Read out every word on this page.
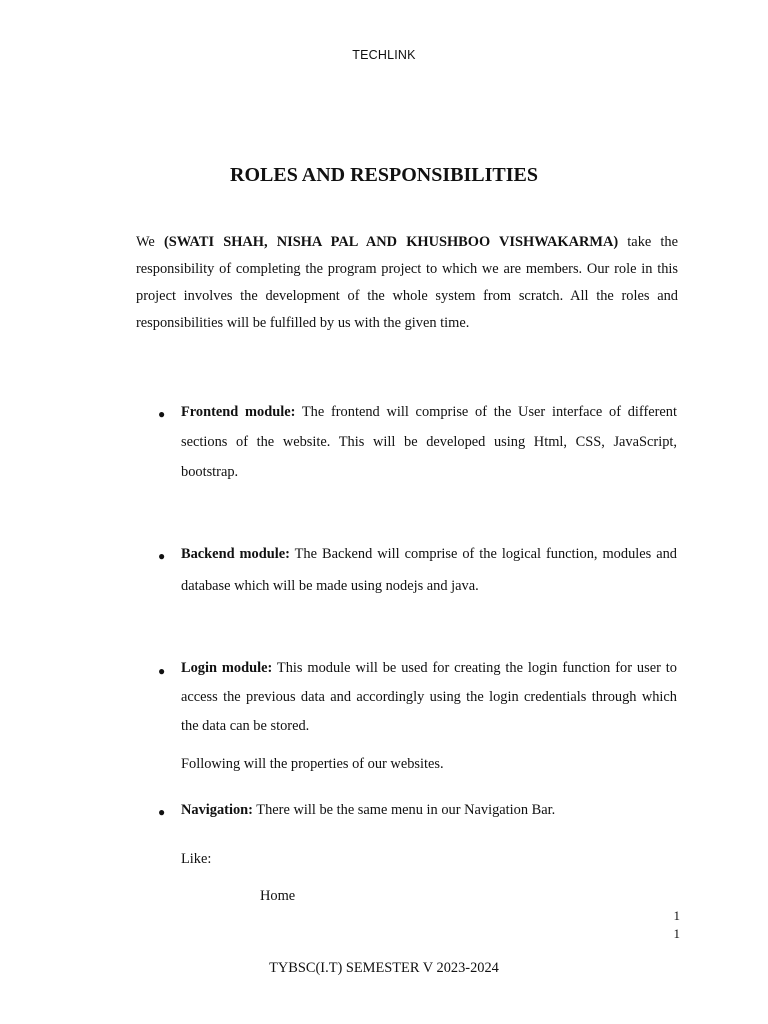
TECHLINK
ROLES AND RESPONSIBILITIES

We (SWATI SHAH, NISHA PAL AND KHUSHBOO VISHWAKARMA) take the responsibility of completing the program project to which we are members. Our role in this project involves the development of the whole system from scratch. All the roles and responsibilities will be fulfilled by us with the given time.

● Frontend module: The frontend will comprise of the User interface of different sections of the website. This will be developed using Html, CSS, JavaScript, bootstrap.

● Backend module: The Backend will comprise of the logical function, modules and database which will be made using nodejs and java.

● Login module: This module will be used for creating the login function for user to access the previous data and accordingly using the login credentials through which the data can be stored.

Following will the properties of our websites.
● Navigation: There will be the same menu in our Navigation Bar.

Like:
Home
1
1
TYBSC(I.T) SEMESTER V 2023-2024
